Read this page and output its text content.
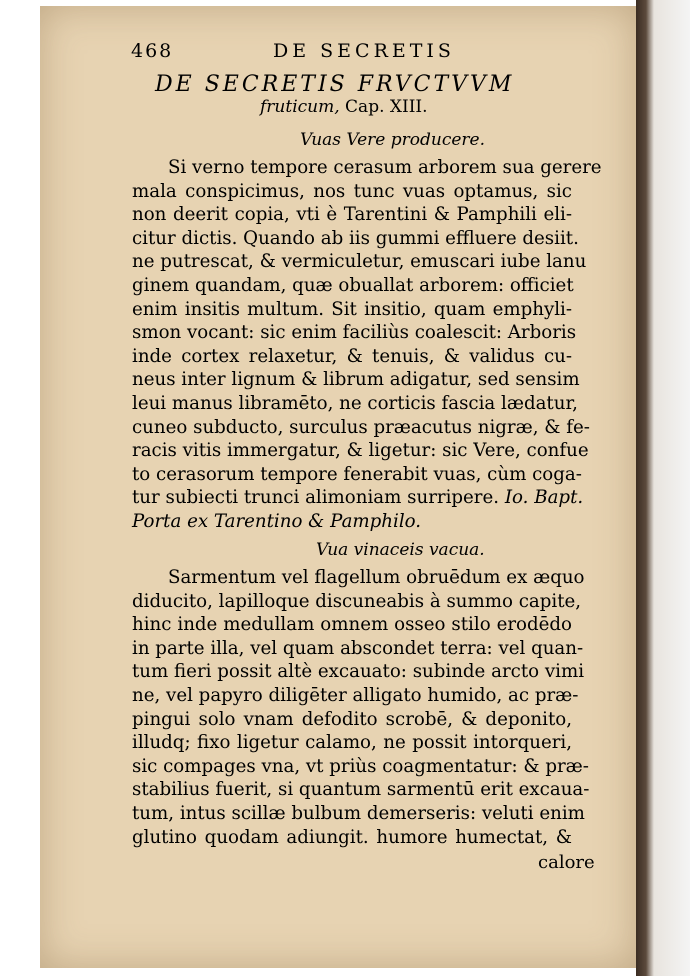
468	DE SECRETIS
DE SECRETIS FRVCTVVM
fruticum, Cap. XIII.
Vuas Vere producere.
Si verno tempore cerasum arborem sua gerere
mala conspicimus, nos tunc vuas optamus, sic
non deerit copia, vti è Tarentini & Pamphili eli-
citur dictis. Quando ab iis gummi effluere desiit.
ne putrescat, & vermiculetur, emuscari iube lanu
ginem quandam, quæ obuallat arborem: officiet
enim insitis multum. Sit insitio, quam emphyli-
smon vocant: sic enim faciliùs coalescit: Arboris
inde cortex relaxetur, & tenuis, & validus cu-
neus inter lignum & librum adigatur, sed sensim
leui manus libramēto, ne corticis fascia lædatur,
cuneo subducto, surculus præacutus nigræ, & fe-
racis vitis immergatur, & ligetur: sic Vere, confue
to cerasorum tempore fenerabit vuas, cùm coga-
tur subiecti trunci alimoniam surripere. Io. Bapt.
Porta ex Tarentino & Pamphilo.
Vua vinaceis vacua.
Sarmentum vel flagellum obruēdum ex æquo
diducito, lapilloque discuneabis à summo capite,
hinc inde medullam omnem osseo stilo erodēdo
in parte illa, vel quam abscondet terra: vel quan-
tum fieri possit altè excauato: subinde arcto vimi
ne, vel papyro diligēter alligato humido, ac præ-
pingui solo vnam defodito scrobē, & deponito,
illudq; fixo ligetur calamo, ne possit intorqueri,
sic compages vna, vt priùs coagmentatur: & præ-
stabilius fuerit, si quantum sarmentū erit excaua-
tum, intus scillæ bulbum demerseris: veluti enim
glutino quodam adiungit. humore humectat, &
calore
